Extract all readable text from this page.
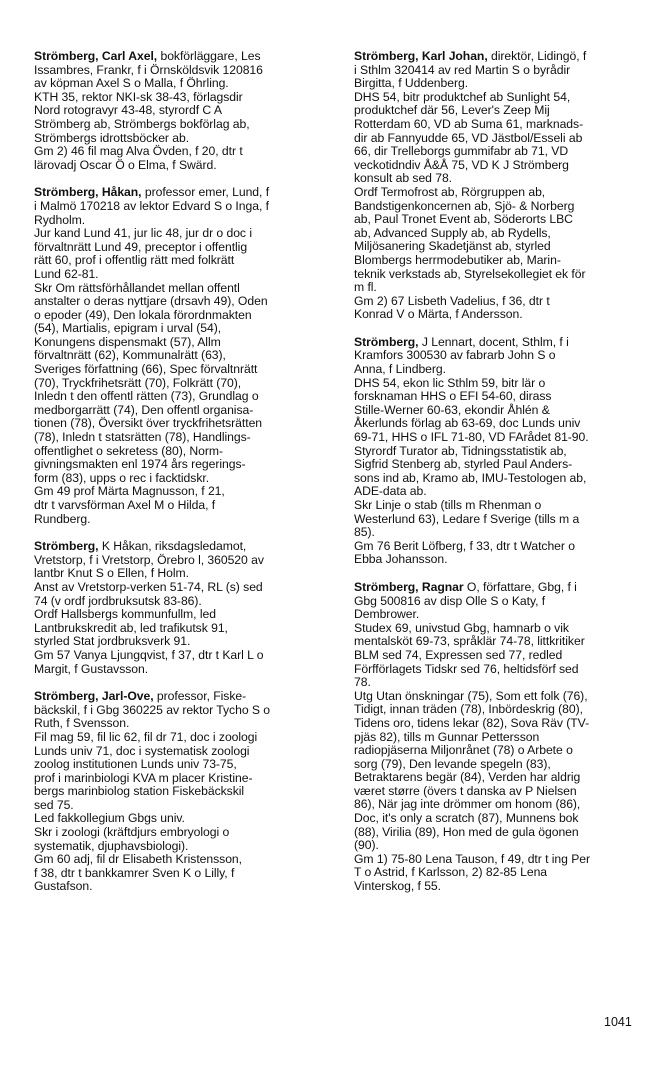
Strömberg, Carl Axel, bokförläggare, Les
Issambres, Frankr, f i Örnsköldsvik 120816
av köpman Axel S o Malla, f Öhrling.
KTH 35, rektor NKI-sk 38-43, förlagsdir
Nord rotogravyr 43-48, styrordf C A
Strömberg ab, Strömbergs bokförlag ab,
Strömbergs idrottsböcker ab.
Gm 2) 46 fil mag Alva Övden, f 20, dtr t
lärovadj Oscar Ö o Elma, f Swärd.
Strömberg, Håkan, professor emer, Lund, f
i Malmö 170218 av lektor Edvard S o Inga, f
Rydholm.
Jur kand Lund 41, jur lic 48, jur dr o doc i
förvaltnrätt Lund 49, preceptor i offentlig
rätt 60, prof i offentlig rätt med folkrätt
Lund 62-81.
Skr Om rättsförhållandet mellan offentl
anstalter o deras nyttjare (drsavh 49), Oden
o epoder (49), Den lokala förordnmakten
(54), Martialis, epigram i urval (54),
Konungens dispensmakt (57), Allm
förvaltnrätt (62), Kommunalrätt (63),
Sveriges författning (66), Spec förvaltnrätt
(70), Tryckfrihetsrätt (70), Folkrätt (70),
Inledn t den offentl rätten (73), Grundlag o
medborgarrätt (74), Den offentl organisa-
tionen (78), Översikt över tryckfrihetsrätten
(78), Inledn t statsrätten (78), Handlings-
offentlighet o sekretess (80), Norm-
givningsmakten enl 1974 års regerings-
form (83), upps o rec i facktidskr.
Gm 49 prof Märta Magnusson, f 21,
dtr t varvsförman Axel M o Hilda, f
Rundberg.
Strömberg, K Håkan, riksdagsledamot,
Vretstorp, f i Vretstorp, Örebro l, 360520 av
lantbr Knut S o Ellen, f Holm.
Anst av Vretstorp-verken 51-74, RL (s) sed
74 (v ordf jordbruksutsk 83-86).
Ordf Hallsbergs kommunfullm, led
Lantbrukskredit ab, led trafikutsk 91,
styrled Stat jordbruksverk 91.
Gm 57 Vanya Ljungqvist, f 37, dtr t Karl L o
Margit, f Gustavsson.
Strömberg, Jarl-Ove, professor, Fiske-
bäckskil, f i Gbg 360225 av rektor Tycho S o
Ruth, f Svensson.
Fil mag 59, fil lic 62, fil dr 71, doc i zoologi
Lunds univ 71, doc i systematisk zoologi
zoolog institutionen Lunds univ 73-75,
prof i marinbiologi KVA m placer Kristine-
bergs marinbiolog station Fiskebäckskil
sed 75.
Led fakkollegium Gbgs univ.
Skr i zoologi (kräftdjurs embryologi o
systematik, djuphavsbiologi).
Gm 60 adj, fil dr Elisabeth Kristensson,
f 38, dtr t bankkamrer Sven K o Lilly, f
Gustafson.
Strömberg, Karl Johan, direktör, Lidingö, f
i Sthlm 320414 av red Martin S o byrådir
Birgitta, f Uddenberg.
DHS 54, bitr produktchef ab Sunlight 54,
produktchef där 56, Lever's Zeep Mij
Rotterdam 60, VD ab Suma 61, marknads-
dir ab Fannyudde 65, VD Jästbol/Esseli ab
66, dir Trelleborgs gummifabr ab 71, VD
veckotidndiv Å&Å 75, VD K J Strömberg
konsult ab sed 78.
Ordf Termofrost ab, Rörgruppen ab,
Bandstigenkoncernen ab, Sjö- & Norberg
ab, Paul Tronet Event ab, Söderorts LBC
ab, Advanced Supply ab, ab Rydells,
Miljösanering Skadetjänst ab, styrled
Blombergs herrmodebutiker ab, Marin-
teknik verkstads ab, Styrelsekollegiet ek för
m fl.
Gm 2) 67 Lisbeth Vadelius, f 36, dtr t
Konrad V o Märta, f Andersson.
Strömberg, J Lennart, docent, Sthlm, f i
Kramfors 300530 av fabrarb John S o
Anna, f Lindberg.
DHS 54, ekon lic Sthlm 59, bitr lär o
forsknaman HHS o EFI 54-60, dirass
Stille-Werner 60-63, ekondir Åhlén &
Åkerlunds förlag ab 63-69, doc Lunds univ
69-71, HHS o IFL 71-80, VD FArådet 81-90.
Styrordf Turator ab, Tidningsstatistik ab,
Sigfrid Stenberg ab, styrled Paul Anders-
sons ind ab, Kramo ab, IMU-Testologen ab,
ADE-data ab.
Skr Linje o stab (tills m Rhenman o
Westerlund 63), Ledare f Sverige (tills m a
85).
Gm 76 Berit Löfberg, f 33, dtr t Watcher o
Ebba Johansson.
Strömberg, Ragnar O, författare, Gbg, f i
Gbg 500816 av disp Olle S o Katy, f
Dembrower.
Studex 69, univstud Gbg, hamnarb o vik
mentalsköt 69-73, språklär 74-78, littkritiker
BLM sed 74, Expressen sed 77, redled
Förfförlagets Tidskr sed 76, heltidsförf sed
78.
Utg Utan önskningar (75), Som ett folk (76),
Tidigt, innan träden (78), Inbördeskrig (80),
Tidens oro, tidens lekar (82), Sova Räv (TV-
pjäs 82), tills m Gunnar Pettersson
radiopjäserna Miljonrånet (78) o Arbete o
sorg (79), Den levande spegeln (83),
Betraktarens begär (84), Verden har aldrig
været større (övers t danska av P Nielsen
86), När jag inte drömmer om honom (86),
Doc, it's only a scratch (87), Munnens bok
(88), Virilia (89), Hon med de gula ögonen
(90).
Gm 1) 75-80 Lena Tauson, f 49, dtr t ing Per
T o Astrid, f Karlsson, 2) 82-85 Lena
Vinterskog, f 55.
1041
